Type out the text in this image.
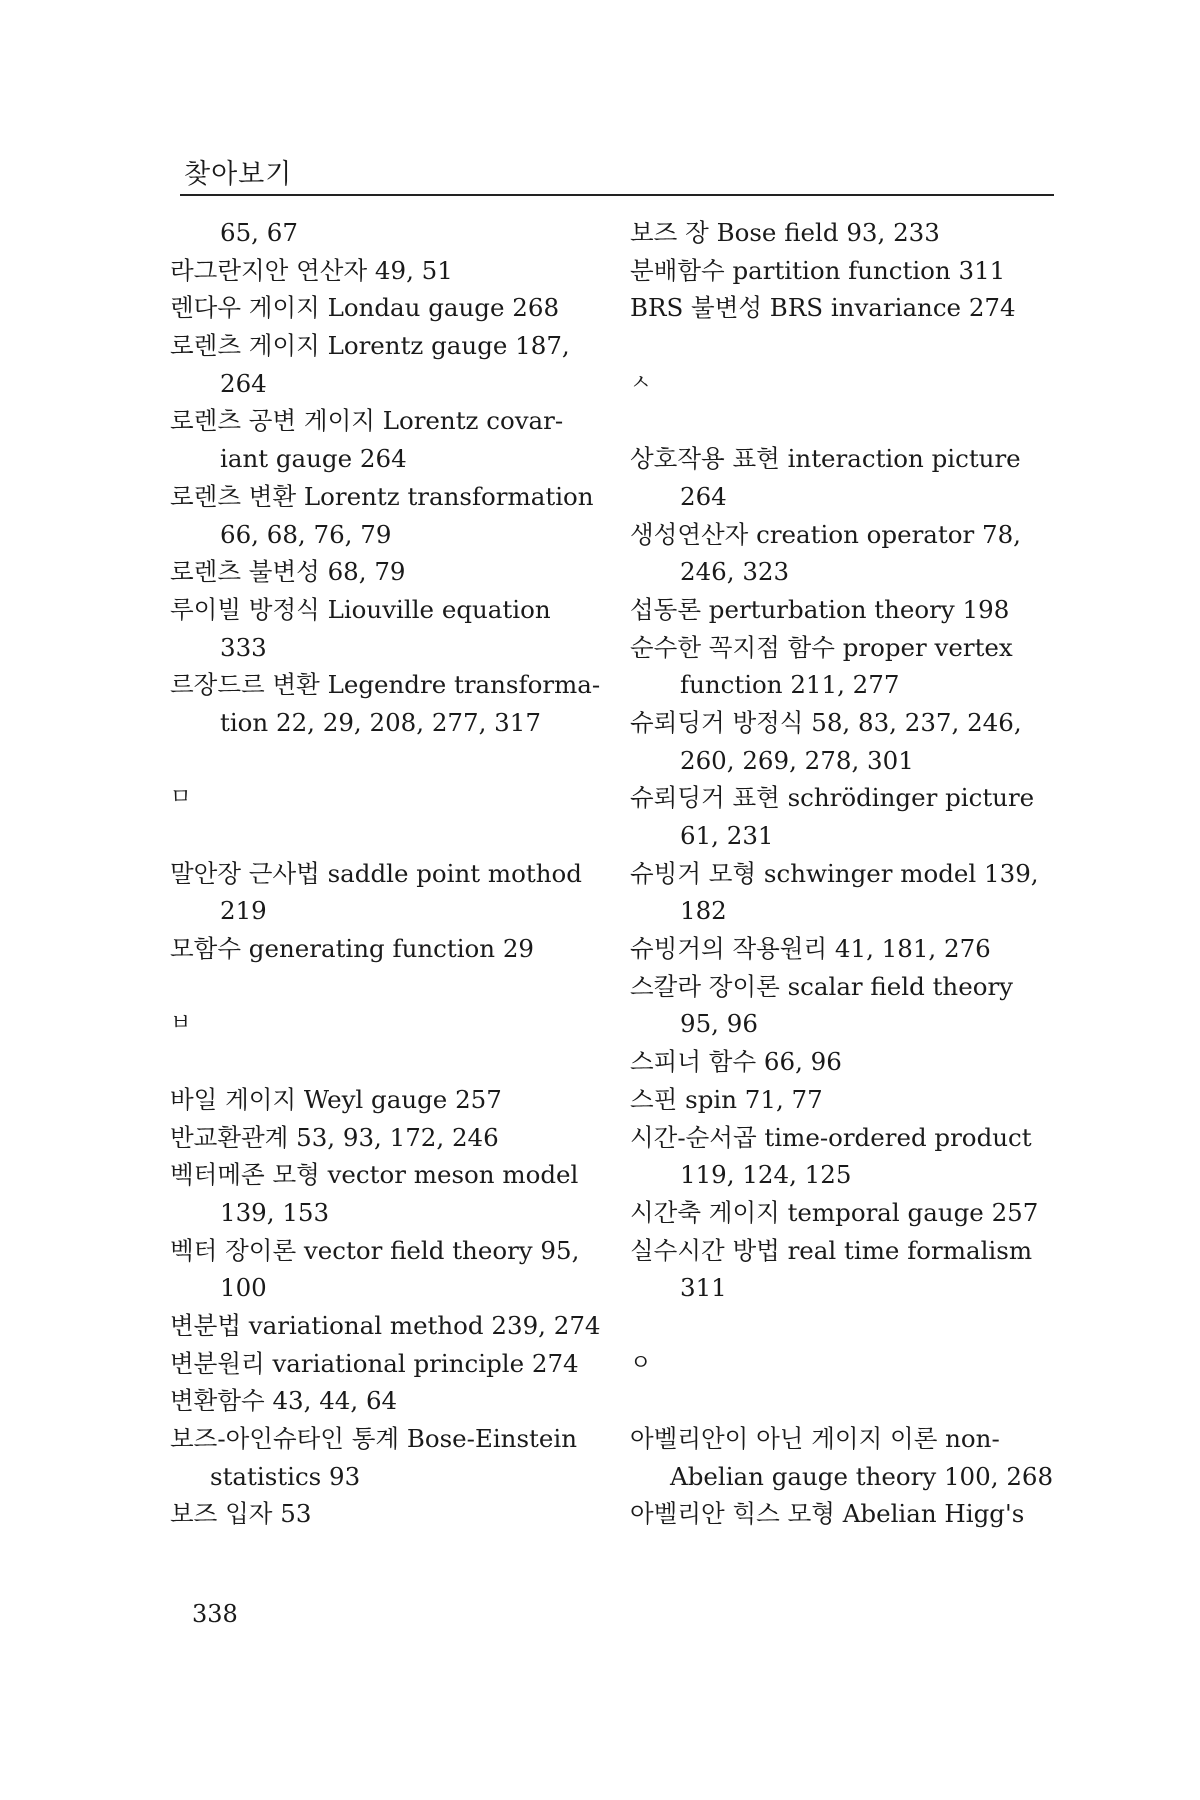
찾아보기
65, 67
라그란지안 연산자 49, 51
렌다우 게이지 Londau gauge 268
로렌츠 게이지 Lorentz gauge 187,
264
로렌츠 공변 게이지 Lorentz covar-
iant gauge 264
로렌츠 변환 Lorentz transformation
66, 68, 76, 79
로렌츠 불변성 68, 79
루이빌 방정식 Liouville equation
333
르장드르 변환 Legendre transforma-
tion 22, 29, 208, 277, 317
ㅁ
말안장 근사법 saddle point mothod
219
모함수 generating function 29
ㅂ
바일 게이지 Weyl gauge 257
반교환관계 53, 93, 172, 246
벡터메존 모형 vector meson model
139, 153
벡터 장이론 vector field theory 95,
100
변분법 variational method 239, 274
변분원리 variational principle 274
변환함수 43, 44, 64
보즈-아인슈타인 통계 Bose-Einstein
statistics 93
보즈 입자 53
보즈 장 Bose field 93, 233
분배함수 partition function 311
BRS 불변성 BRS invariance 274
ㅅ
상호작용 표현 interaction picture
264
생성연산자 creation operator 78,
246, 323
섭동론 perturbation theory 198
순수한 꼭지점 함수 proper vertex
function 211, 277
슈뢰딩거 방정식 58, 83, 237, 246,
260, 269, 278, 301
슈뢰딩거 표현 schrödinger picture
61, 231
슈빙거 모형 schwinger model 139,
182
슈빙거의 작용원리 41, 181, 276
스칼라 장이론 scalar field theory
95, 96
스피너 함수 66, 96
스핀 spin 71, 77
시간-순서곱 time-ordered product
119, 124, 125
시간축 게이지 temporal gauge 257
실수시간 방법 real time formalism
311
ㅇ
아벨리안이 아닌 게이지 이론 non-
Abelian gauge theory 100, 268
아벨리안 힉스 모형 Abelian Higg's
338
